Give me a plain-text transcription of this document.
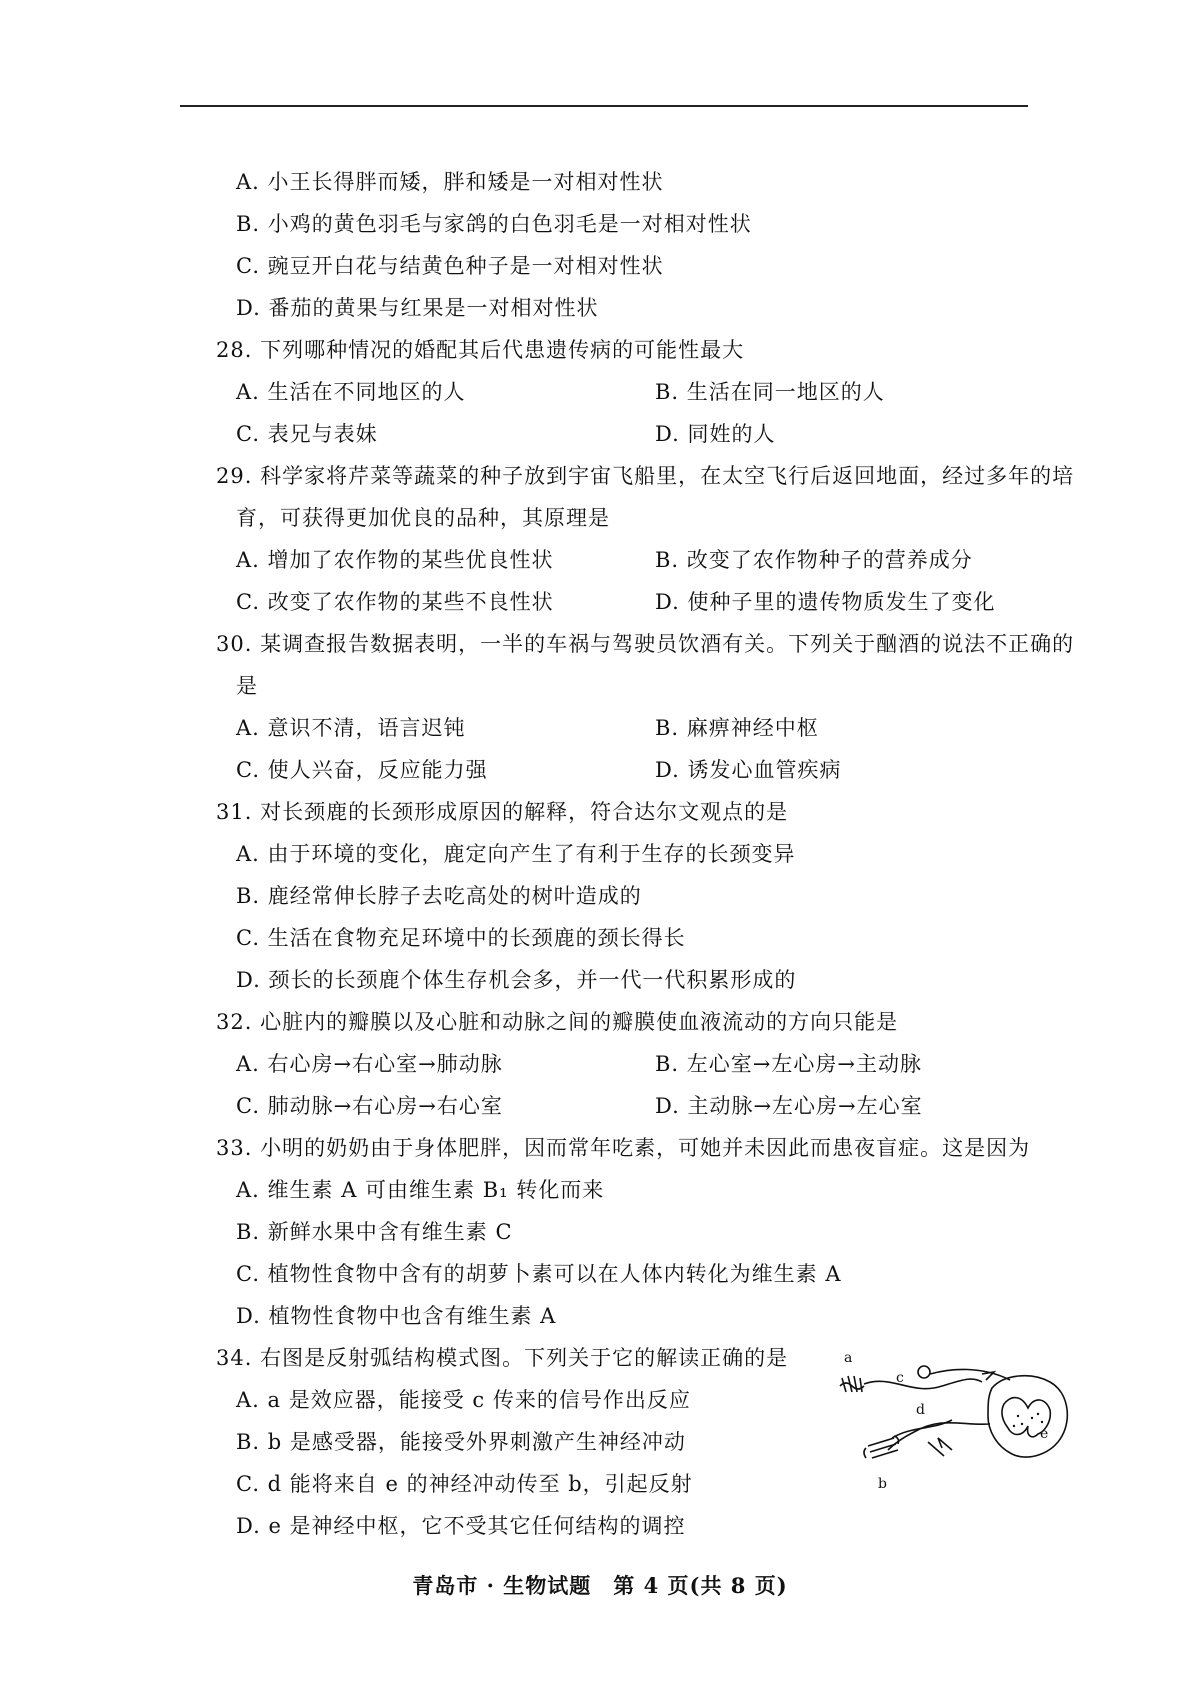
A. 小王长得胖而矮，胖和矮是一对相对性状
B. 小鸡的黄色羽毛与家鸽的白色羽毛是一对相对性状
C. 豌豆开白花与结黄色种子是一对相对性状
D. 番茄的黄果与红果是一对相对性状
28. 下列哪种情况的婚配其后代患遗传病的可能性最大
A. 生活在不同地区的人	B. 生活在同一地区的人
C. 表兄与表妹	D. 同姓的人
29. 科学家将芹菜等蔬菜的种子放到宇宙飞船里，在太空飞行后返回地面，经过多年的培
育，可获得更加优良的品种，其原理是
A. 增加了农作物的某些优良性状	B. 改变了农作物种子的营养成分
C. 改变了农作物的某些不良性状	D. 使种子里的遗传物质发生了变化
30. 某调查报告数据表明，一半的车祸与驾驶员饮酒有关。下列关于酗酒的说法不正确的
是
A. 意识不清，语言迟钝	B. 麻痹神经中枢
C. 使人兴奋，反应能力强	D. 诱发心血管疾病
31. 对长颈鹿的长颈形成原因的解释，符合达尔文观点的是
A. 由于环境的变化，鹿定向产生了有利于生存的长颈变异
B. 鹿经常伸长脖子去吃高处的树叶造成的
C. 生活在食物充足环境中的长颈鹿的颈长得长
D. 颈长的长颈鹿个体生存机会多，并一代一代积累形成的
32. 心脏内的瓣膜以及心脏和动脉之间的瓣膜使血液流动的方向只能是
A. 右心房→右心室→肺动脉	B. 左心室→左心房→主动脉
C. 肺动脉→右心房→右心室	D. 主动脉→左心房→左心室
33. 小明的奶奶由于身体肥胖，因而常年吃素，可她并未因此而患夜盲症。这是因为
A. 维生素 A 可由维生素 B₁ 转化而来
B. 新鲜水果中含有维生素 C
C. 植物性食物中含有的胡萝卜素可以在人体内转化为维生素 A
D. 植物性食物中也含有维生素 A
34. 右图是反射弧结构模式图。下列关于它的解读正确的是
A. a 是效应器，能接受 c 传来的信号作出反应
B. b 是感受器，能接受外界刺激产生神经冲动
C. d 能将来自 e 的神经冲动传至 b，引起反射
D. e 是神经中枢，它不受其它任何结构的调控
a
b
c
d
e
青岛市 · 生物试题　第 4 页(共 8 页)
